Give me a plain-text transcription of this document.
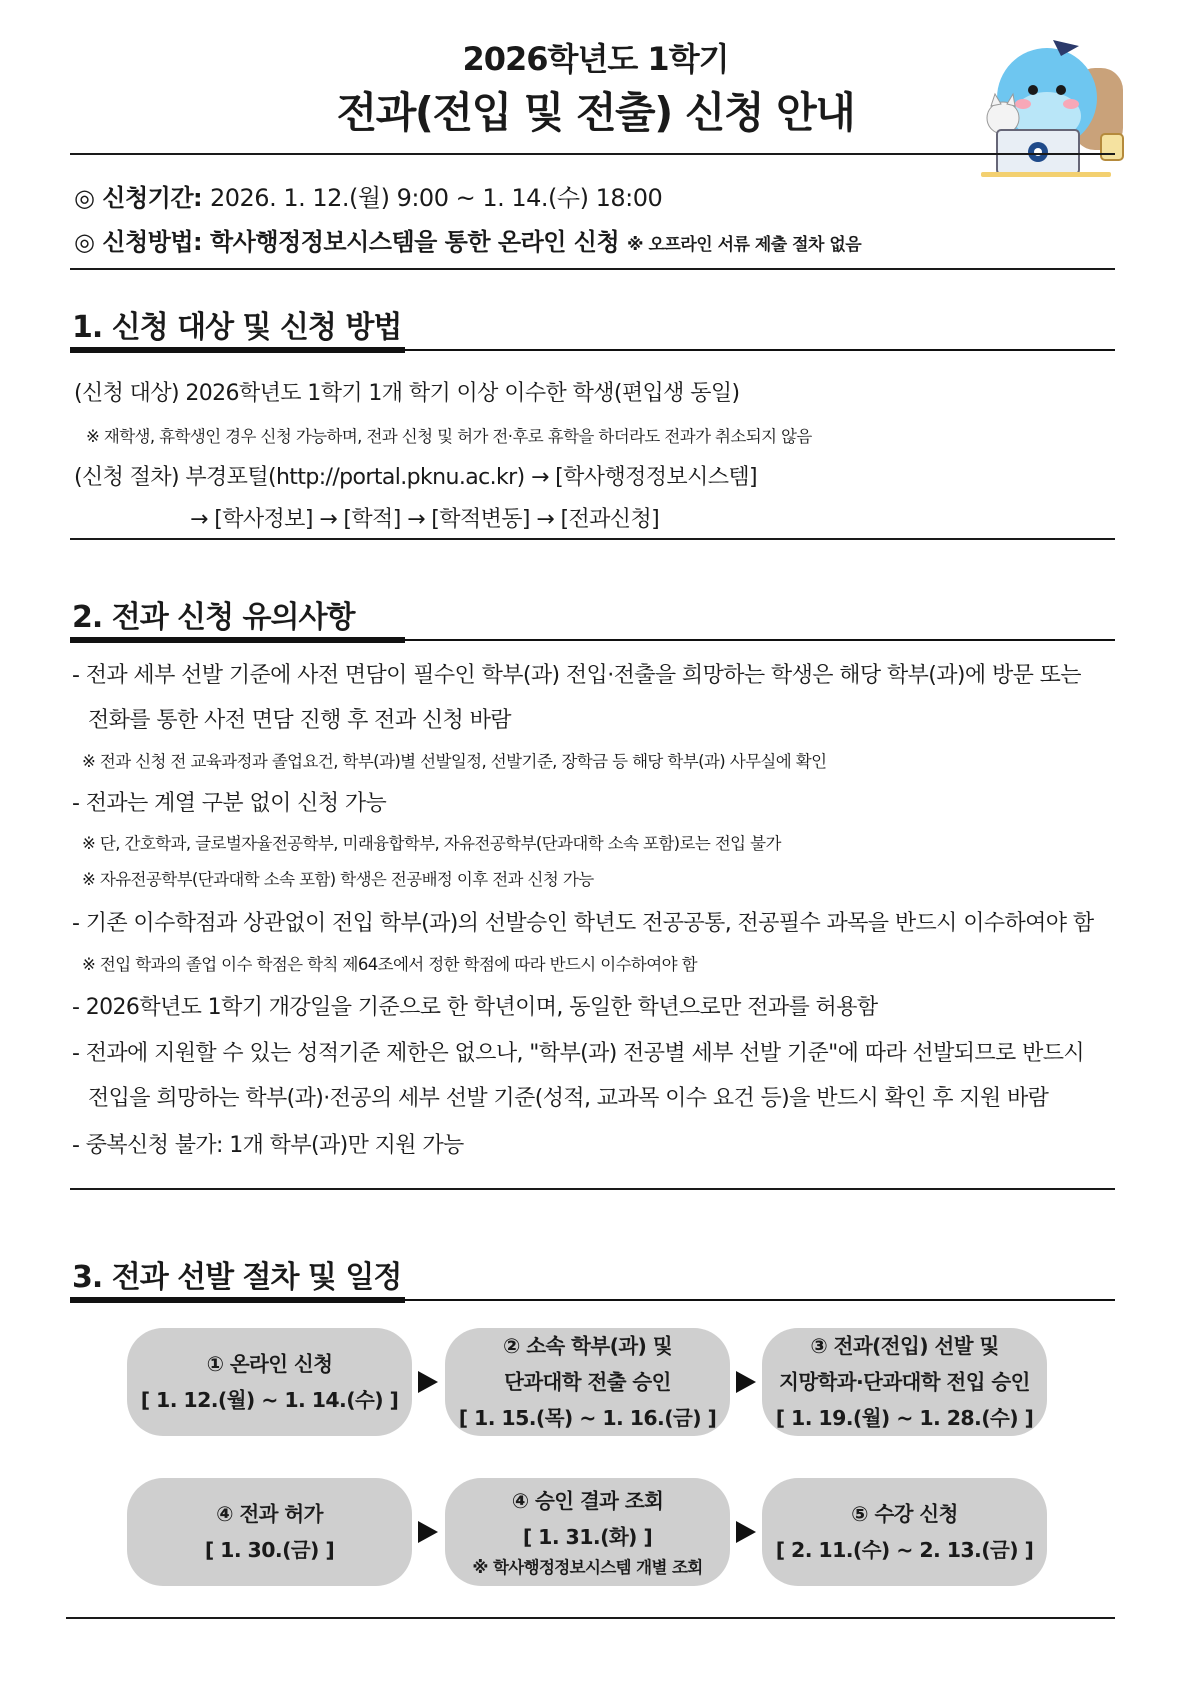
2026학년도 1학기
전과(전입 및 전출) 신청 안내
◎ 신청기간: 2026. 1. 12.(월) 9:00 ~ 1. 14.(수) 18:00
◎ 신청방법: 학사행정정보시스템을 통한 온라인 신청 ※ 오프라인 서류 제출 절차 없음
1. 신청 대상 및 신청 방법
(신청 대상) 2026학년도 1학기 1개 학기 이상 이수한 학생(편입생 동일)
※ 재학생, 휴학생인 경우 신청 가능하며, 전과 신청 및 허가 전·후로 휴학을 하더라도 전과가 취소되지 않음
(신청 절차) 부경포털(http://portal.pknu.ac.kr) → [학사행정정보시스템]
→ [학사정보] → [학적] → [학적변동] → [전과신청]
2. 전과 신청 유의사항
- 전과 세부 선발 기준에 사전 면담이 필수인 학부(과) 전입·전출을 희망하는 학생은 해당 학부(과)에 방문 또는
전화를 통한 사전 면담 진행 후 전과 신청 바람
※ 전과 신청 전 교육과정과 졸업요건, 학부(과)별 선발일정, 선발기준, 장학금 등 해당 학부(과) 사무실에 확인
- 전과는 계열 구분 없이 신청 가능
※ 단, 간호학과, 글로벌자율전공학부, 미래융합학부, 자유전공학부(단과대학 소속 포함)로는 전입 불가
※ 자유전공학부(단과대학 소속 포함) 학생은 전공배정 이후 전과 신청 가능
- 기존 이수학점과 상관없이 전입 학부(과)의 선발승인 학년도 전공공통, 전공필수 과목을 반드시 이수하여야 함
※ 전입 학과의 졸업 이수 학점은 학칙 제64조에서 정한 학점에 따라 반드시 이수하여야 함
- 2026학년도 1학기 개강일을 기준으로 한 학년이며, 동일한 학년으로만 전과를 허용함
- 전과에 지원할 수 있는 성적기준 제한은 없으나, "학부(과) 전공별 세부 선발 기준"에 따라 선발되므로 반드시
전입을 희망하는 학부(과)·전공의 세부 선발 기준(성적, 교과목 이수 요건 등)을 반드시 확인 후 지원 바람
- 중복신청 불가: 1개 학부(과)만 지원 가능
3. 전과 선발 절차 및 일정
① 온라인 신청
[ 1. 12.(월) ~ 1. 14.(수) ]
② 소속 학부(과) 및
단과대학 전출 승인
[ 1. 15.(목) ~ 1. 16.(금) ]
③ 전과(전입) 선발 및
지망학과·단과대학 전입 승인
[ 1. 19.(월) ~ 1. 28.(수) ]
④ 전과 허가
[ 1. 30.(금) ]
④ 승인 결과 조회
[ 1. 31.(화) ]
※ 학사행정정보시스템 개별 조회
⑤ 수강 신청
[ 2. 11.(수) ~ 2. 13.(금) ]
